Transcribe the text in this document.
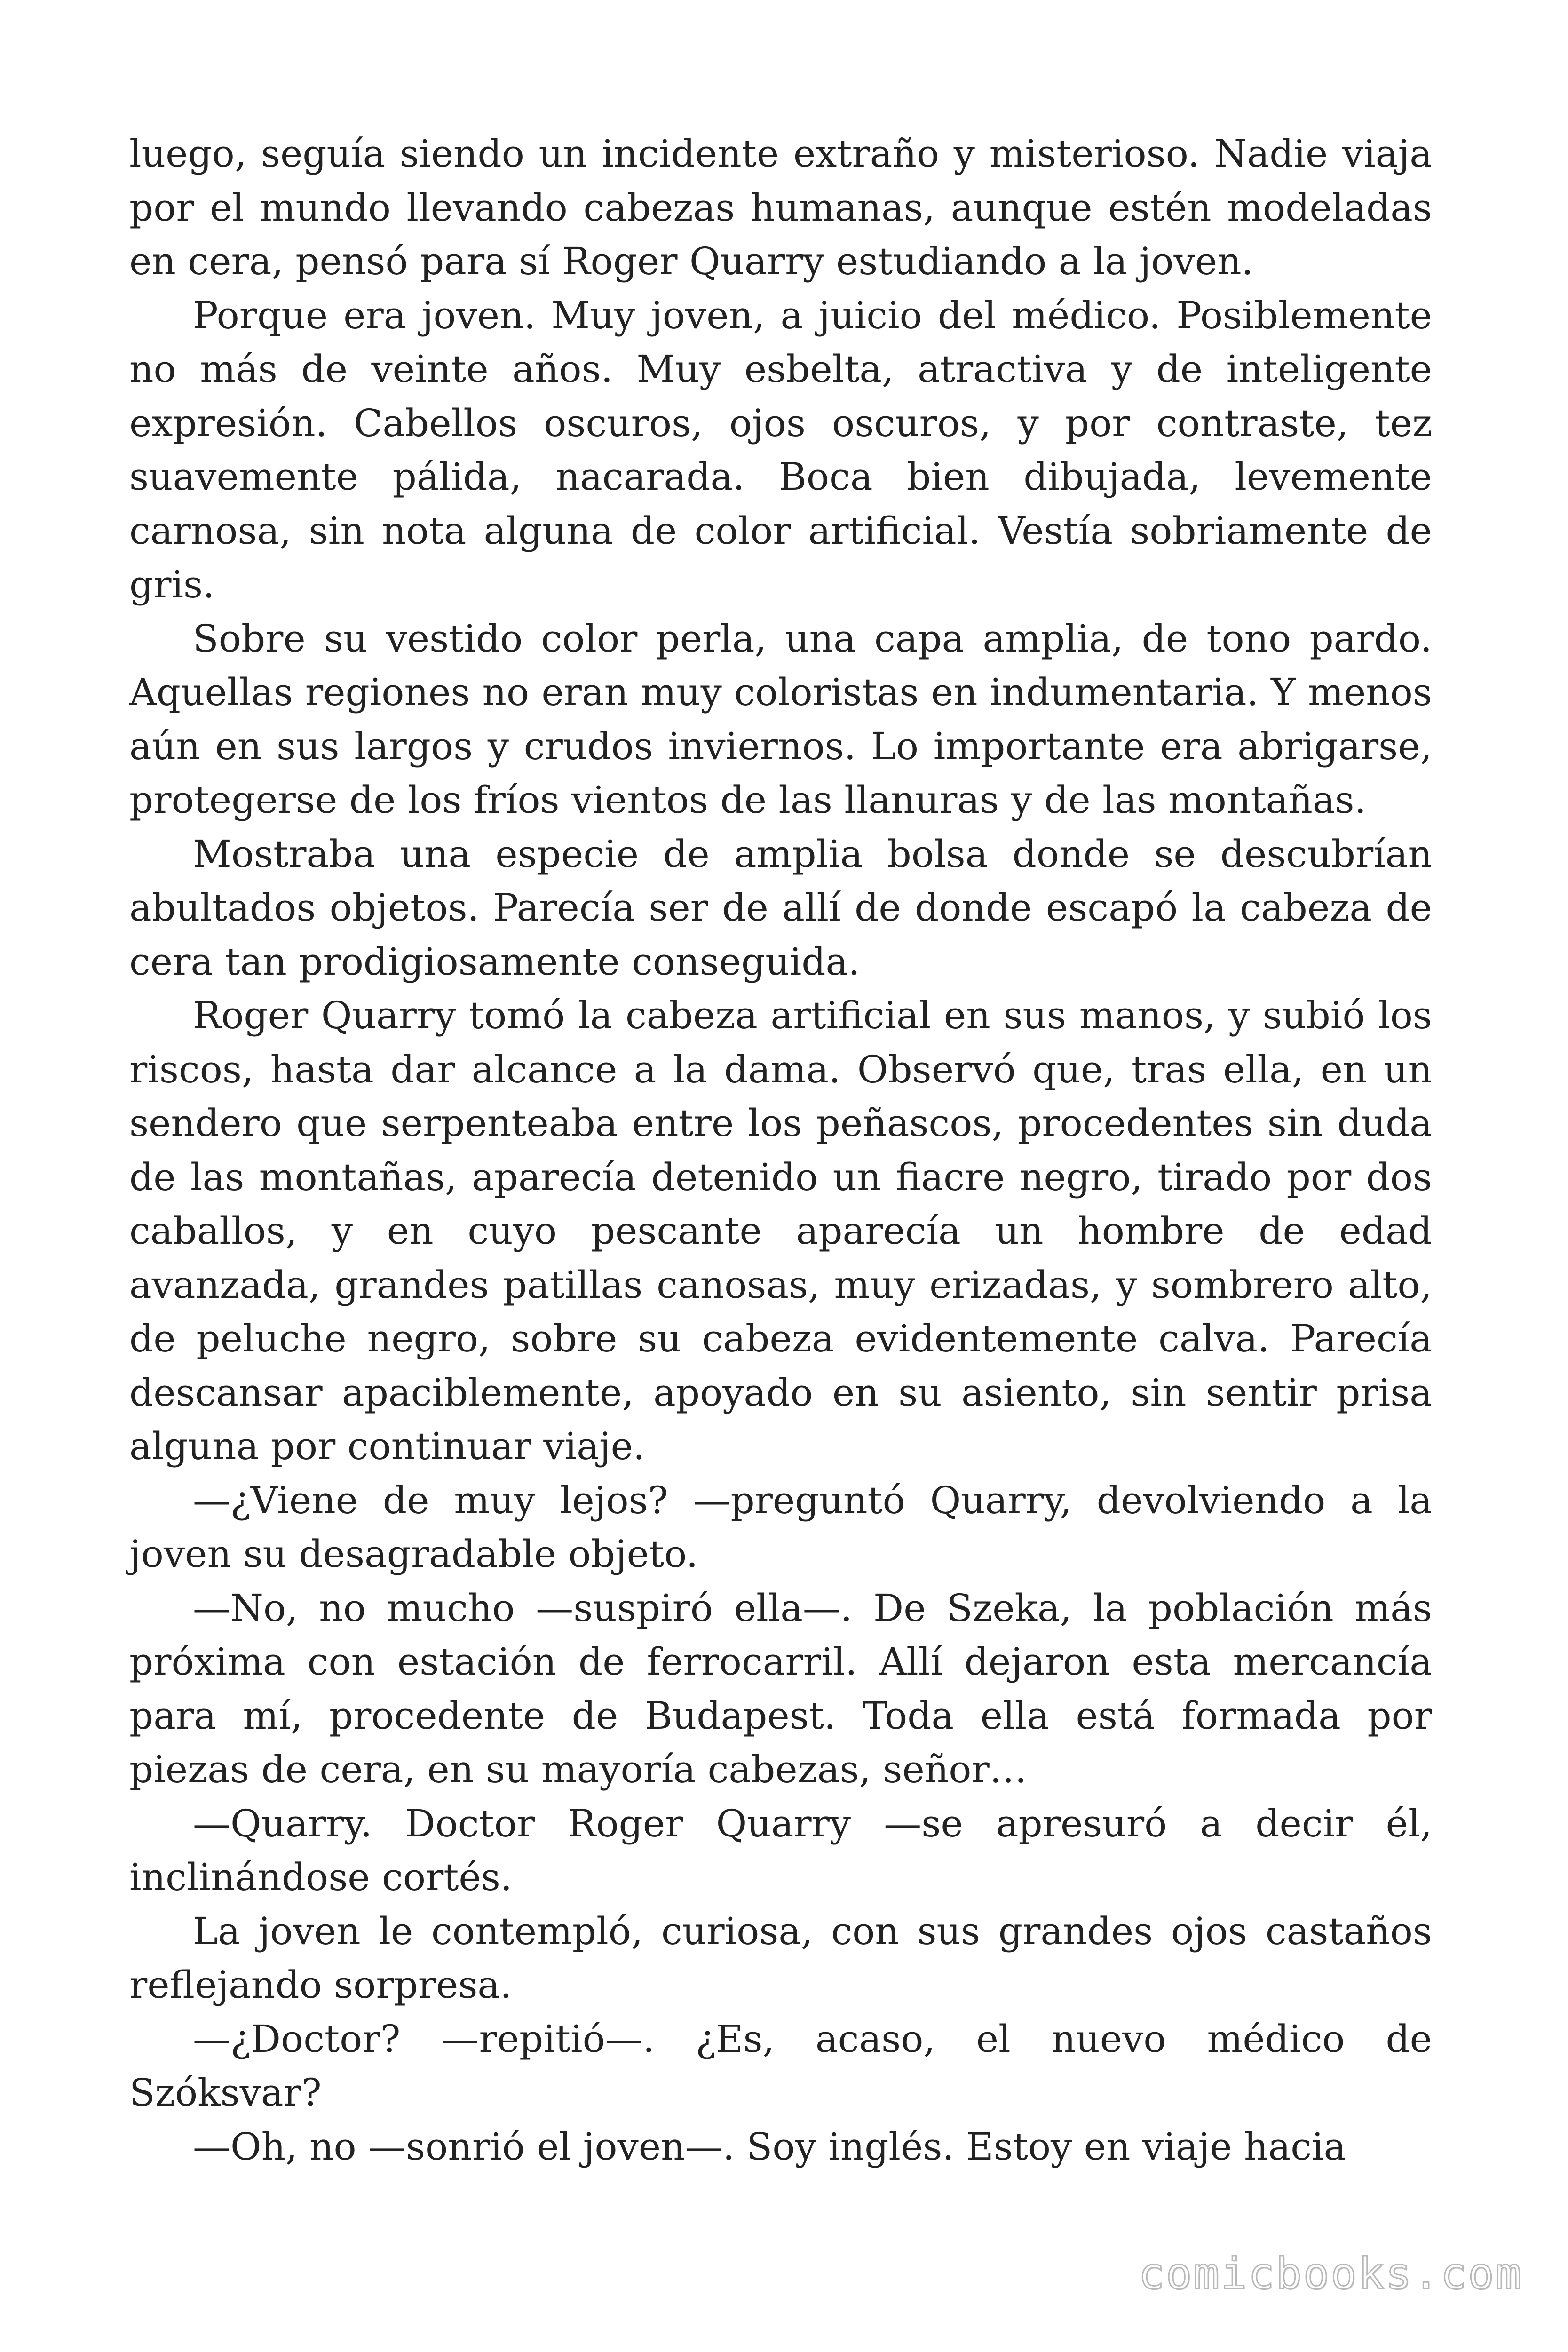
luego, seguía siendo un incidente extraño y misterioso. Nadie viaja por el mundo llevando cabezas humanas, aunque estén modeladas en cera, pensó para sí Roger Quarry estudiando a la joven.

Porque era joven. Muy joven, a juicio del médico. Posiblemente no más de veinte años. Muy esbelta, atractiva y de inteligente expresión. Cabellos oscuros, ojos oscuros, y por contraste, tez suavemente pálida, nacarada. Boca bien dibujada, levemente carnosa, sin nota alguna de color artificial. Vestía sobriamente de gris.

Sobre su vestido color perla, una capa amplia, de tono pardo. Aquellas regiones no eran muy coloristas en indumentaria. Y menos aún en sus largos y crudos inviernos. Lo importante era abrigarse, protegerse de los fríos vientos de las llanuras y de las montañas.

Mostraba una especie de amplia bolsa donde se descubrían abultados objetos. Parecía ser de allí de donde escapó la cabeza de cera tan prodigiosamente conseguida.

Roger Quarry tomó la cabeza artificial en sus manos, y subió los riscos, hasta dar alcance a la dama. Observó que, tras ella, en un sendero que serpenteaba entre los peñascos, procedentes sin duda de las montañas, aparecía detenido un fiacre negro, tirado por dos caballos, y en cuyo pescante aparecía un hombre de edad avanzada, grandes patillas canosas, muy erizadas, y sombrero alto, de peluche negro, sobre su cabeza evidentemente calva. Parecía descansar apaciblemente, apoyado en su asiento, sin sentir prisa alguna por continuar viaje.

—¿Viene de muy lejos? —preguntó Quarry, devolviendo a la joven su desagradable objeto.

—No, no mucho —suspiró ella—. De Szeka, la población más próxima con estación de ferrocarril. Allí dejaron esta mercancía para mí, procedente de Budapest. Toda ella está formada por piezas de cera, en su mayoría cabezas, señor…

—Quarry. Doctor Roger Quarry —se apresuró a decir él, inclinándose cortés.

La joven le contempló, curiosa, con sus grandes ojos castaños reflejando sorpresa.

—¿Doctor? —repitió—. ¿Es, acaso, el nuevo médico de Szóksvar?

—Oh, no —sonrió el joven—. Soy inglés. Estoy en viaje hacia

comicbooks.com
